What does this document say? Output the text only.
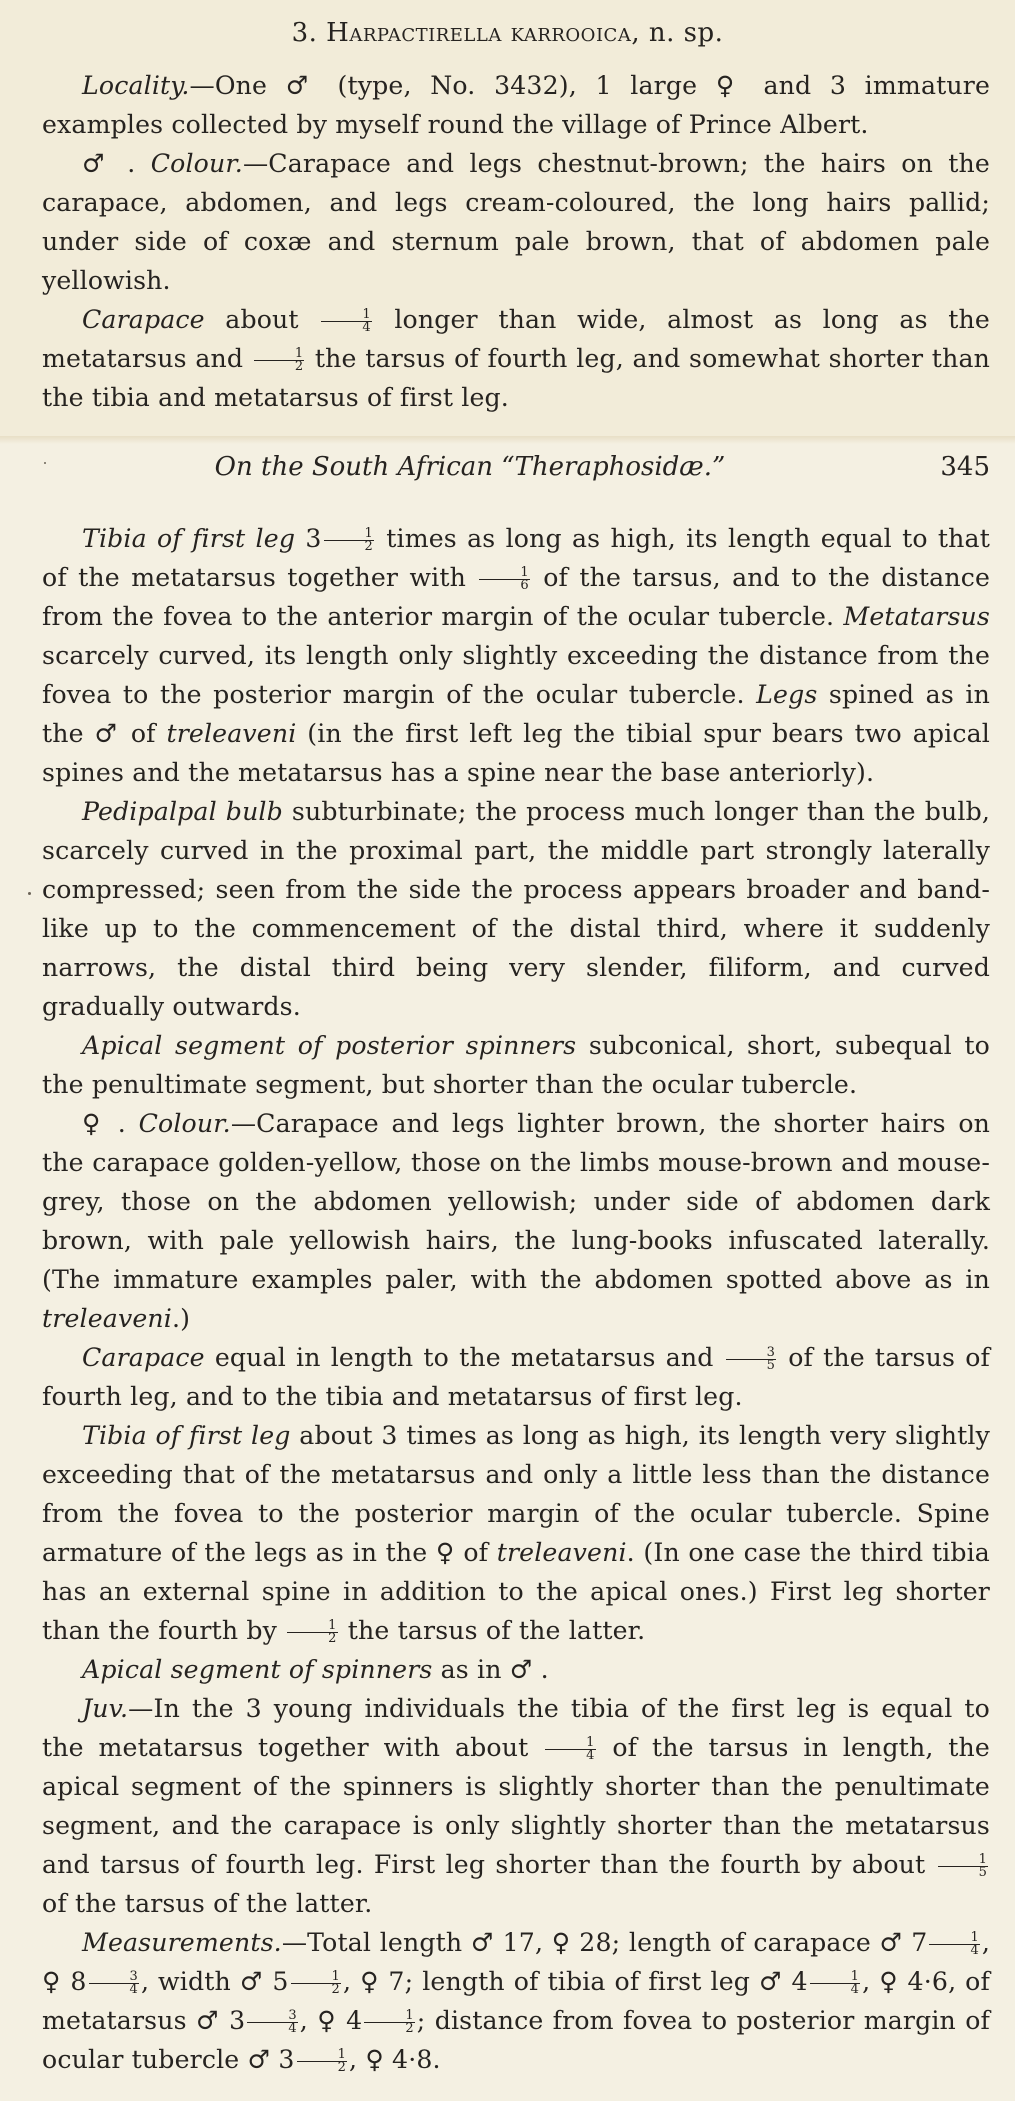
3. Harpactirella karrooica, n. sp.

Locality.—One ♂ (type, No. 3432), 1 large ♀ and 3 immature examples collected by myself round the village of Prince Albert.

♂ . Colour.—Carapace and legs chestnut-brown; the hairs on the carapace, abdomen, and legs cream-coloured, the long hairs pallid; under side of coxæ and sternum pale brown, that of abdomen pale yellowish.

Carapace about $\frac{1}{4}$ longer than wide, almost as long as the metatarsus and $\frac{1}{2}$ the tarsus of fourth leg, and somewhat shorter than the tibia and metatarsus of first leg.

On the South African “Theraphosidæ.”	345

Tibia of first leg $3 \frac{1}{2}$ times as long as high, its length equal to that of the metatarsus together with $\frac{1}{6}$ of the tarsus, and to the distance from the fovea to the anterior margin of the ocular tubercle. Metatarsus scarcely curved, its length only slightly exceeding the distance from the fovea to the posterior margin of the ocular tubercle. Legs spined as in the ♂ of treleaveni (in the first left leg the tibial spur bears two apical spines and the metatarsus has a spine near the base anteriorly).

Pedipalpal bulb subturbinate; the process much longer than the bulb, scarcely curved in the proximal part, the middle part strongly laterally compressed; seen from the side the process appears broader and band-like up to the commencement of the distal third, where it suddenly narrows, the distal third being very slender, filiform, and curved gradually outwards.

Apical segment of posterior spinners subconical, short, subequal to the penultimate segment, but shorter than the ocular tubercle.

♀ . Colour.—Carapace and legs lighter brown, the shorter hairs on the carapace golden-yellow, those on the limbs mouse-brown and mouse-grey, those on the abdomen yellowish; under side of abdomen dark brown, with pale yellowish hairs, the lung-books infuscated laterally. (The immature examples paler, with the abdomen spotted above as in treleaveni.)

Carapace equal in length to the metatarsus and $\frac{3}{5}$ of the tarsus of fourth leg, and to the tibia and metatarsus of first leg.

Tibia of first leg about 3 times as long as high, its length very slightly exceeding that of the metatarsus and only a little less than the distance from the fovea to the posterior margin of the ocular tubercle. Spine armature of the legs as in the ♀ of treleaveni. (In one case the third tibia has an external spine in addition to the apical ones.) First leg shorter than the fourth by $\frac{1}{2}$ the tarsus of the latter.

Apical segment of spinners as in ♂ .

Juv.—In the 3 young individuals the tibia of the first leg is equal to the metatarsus together with about $\frac{1}{4}$ of the tarsus in length, the apical segment of the spinners is slightly shorter than the penultimate segment, and the carapace is only slightly shorter than the metatarsus and tarsus of fourth leg. First leg shorter than the fourth by about $\frac{1}{5}$
of the tarsus of the latter.

Measurements.—Total length ♂ 17, ♀ 28; length of carapace ♂ $7 \frac{1}{4}$ , ♀ $8 \frac{3}{4}$ , width ♂ $5 \frac{1}{2}$ , ♀ 7; length of tibia of first leg ♂ $4 \frac{1}{4}$ , ♀ 4·6, of metatarsus ♂ $3 \frac{3}{4}$ , ♀ $4 \frac{1}{2}$ ; distance from fovea to posterior margin of ocular tubercle ♂ $3 \frac{1}{2}$ , ♀ 4·8.
